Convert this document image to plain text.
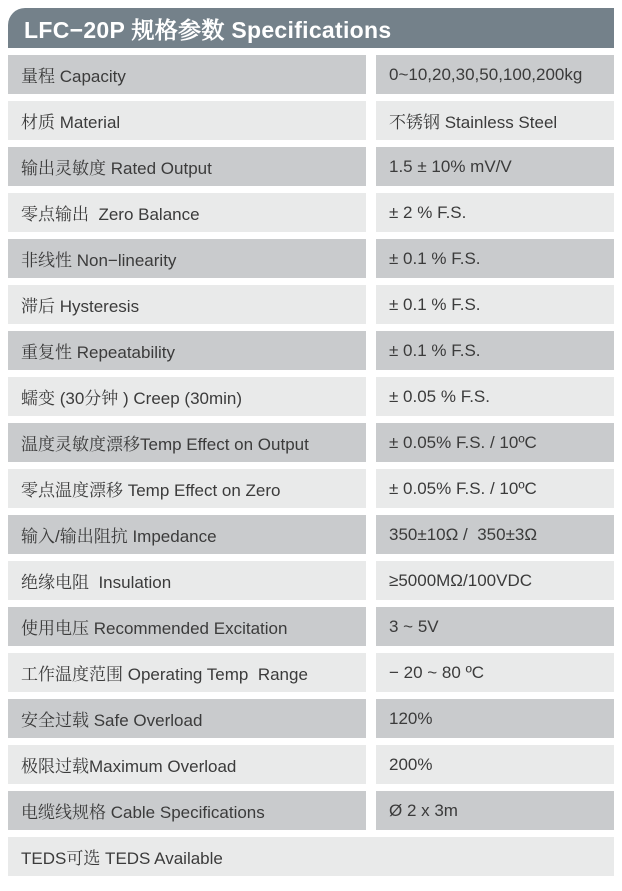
LFC−20P 规格参数 Specifications
量程 Capacity	0~10,20,30,50,100,200kg
材质 Material	不锈钢 Stainless Steel
输出灵敏度 Rated Output	1.5 ± 10% mV/V
零点输出  Zero Balance	± 2 % F.S.
非线性 Non−linearity	± 0.1 % F.S.
滞后 Hysteresis	± 0.1 % F.S.
重复性 Repeatability	± 0.1 % F.S.
蠕变 (30分钟 ) Creep (30min)	± 0.05 % F.S.
温度灵敏度漂移Temp Effect on Output	± 0.05% F.S. / 10ºC
零点温度漂移 Temp Effect on Zero	± 0.05% F.S. / 10ºC
输入/输出阻抗 Impedance	350±10Ω /  350±3Ω
绝缘电阻  Insulation	≥5000MΩ/100VDC
使用电压 Recommended Excitation	3 ~ 5V
工作温度范围 Operating Temp  Range	− 20 ~ 80 ºC
安全过载 Safe Overload	120%
极限过载Maximum Overload	200%
电缆线规格 Cable Specifications	Ø 2 x 3m
TEDS可选 TEDS Available
